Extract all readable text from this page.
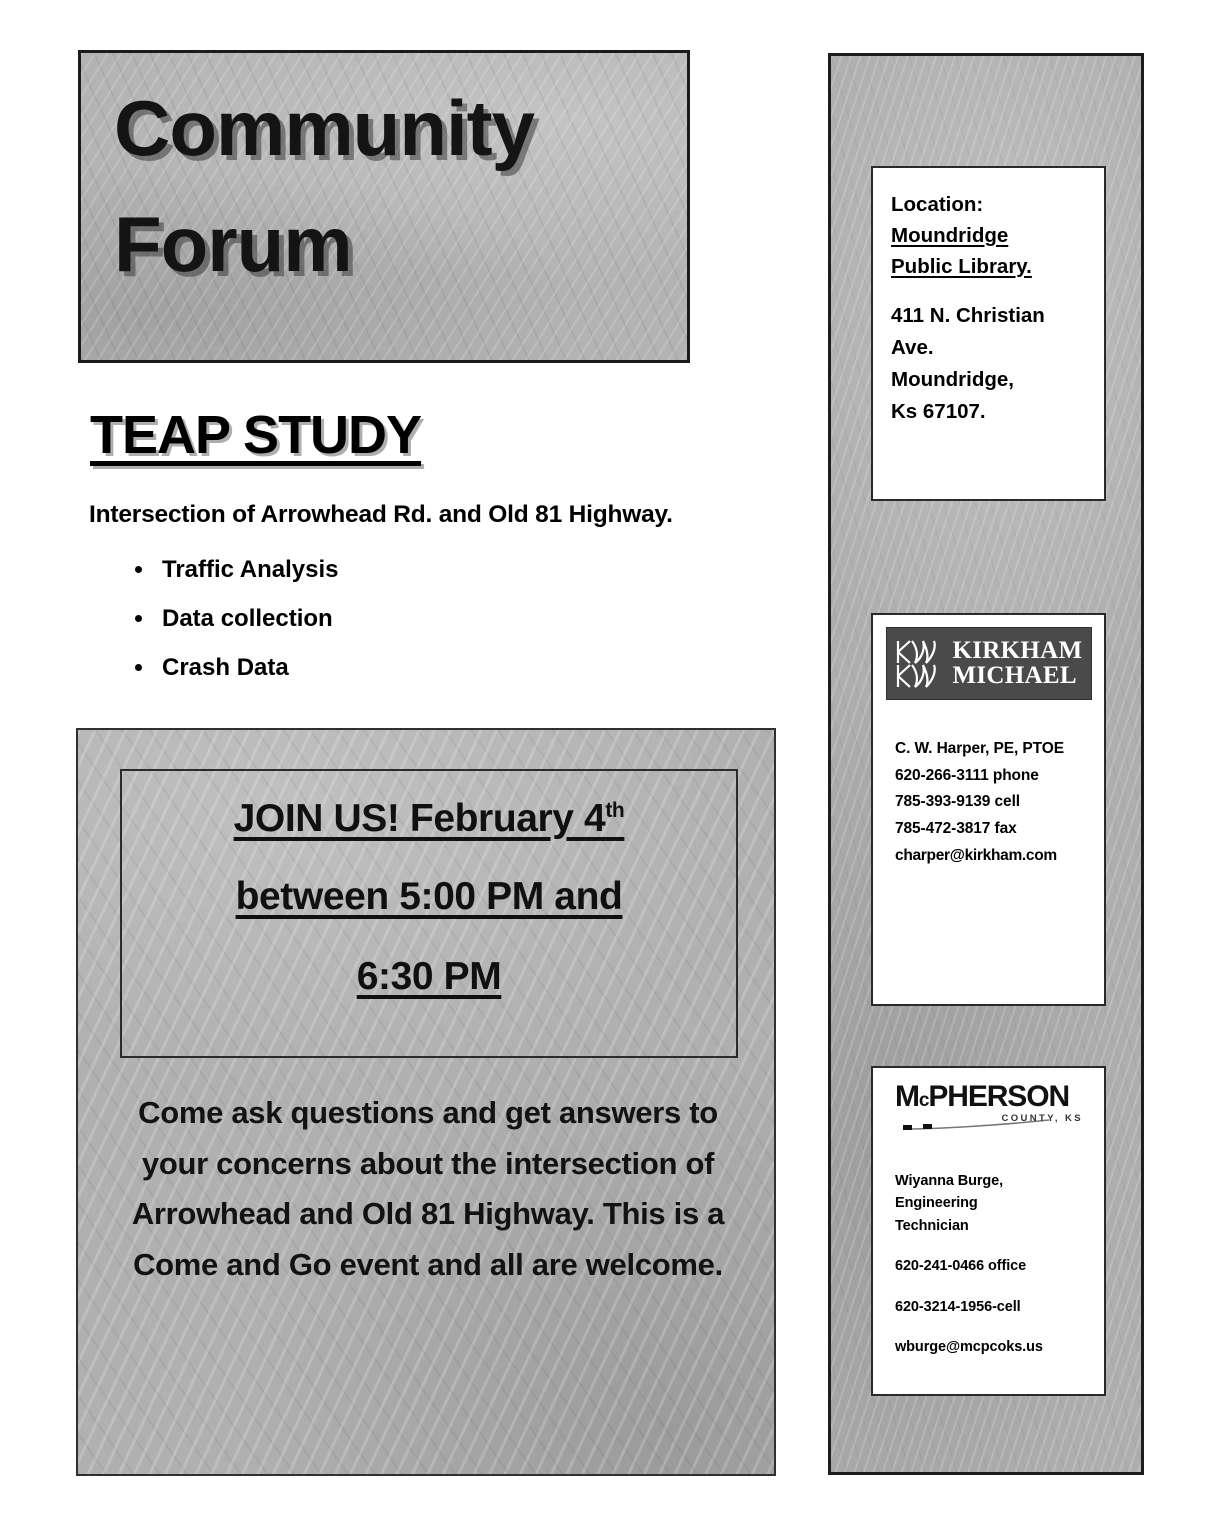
Community
Forum
TEAP STUDY
Intersection of Arrowhead Rd. and Old 81 Highway.
• Traffic Analysis
• Data collection
• Crash Data
JOIN US! February 4th
between 5:00 PM and
6:30 PM
Come ask questions and get answers to your concerns about the intersection of Arrowhead and Old 81 Highway. This is a Come and Go event and all are welcome.
Location:
Moundridge
Public Library.
411 N. Christian
Ave.
Moundridge,
Ks 67107.
KIRKHAM
MICHAEL
C. W. Harper, PE, PTOE
620-266-3111 phone
785-393-9139 cell
785-472-3817 fax
charper@kirkham.com
McPHERSON
COUNTY, KS
Wiyanna Burge,
Engineering
Technician
620-241-0466 office
620-3214-1956-cell
wburge@mcpcoks.us
